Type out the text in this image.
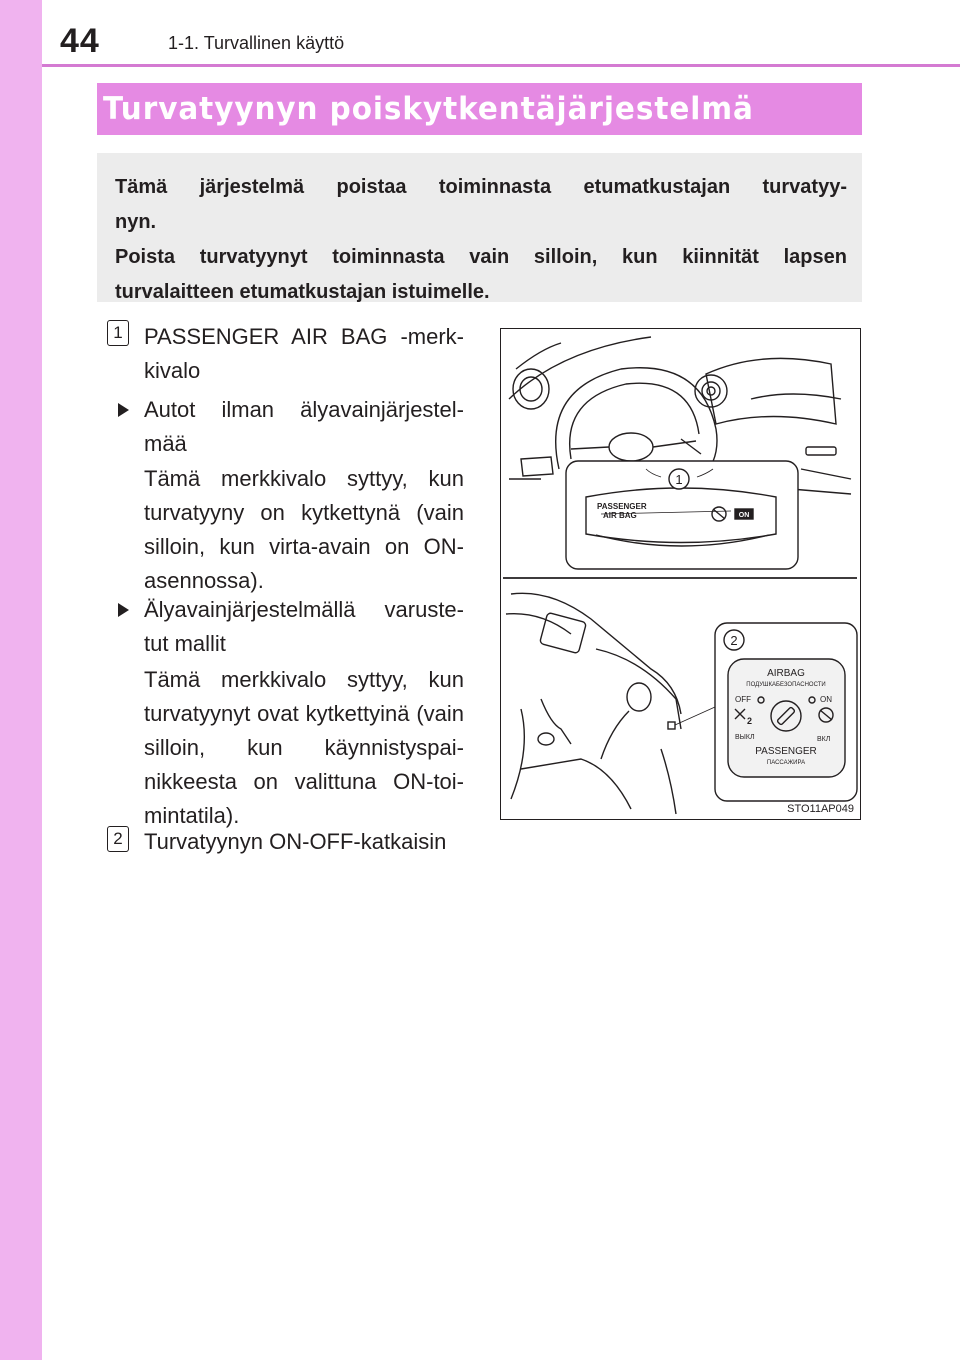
44	1-1. Turvallinen käyttö
Turvatyynyn poiskytkentäjärjestelmä

Tämä järjestelmä poistaa toiminnasta etumatkustajan turvatyy-

nyn.

Poista turvatyynyt toiminnasta vain silloin, kun kiinnität lapsen

turvalaitteen etumatkustajan istuimelle.

1 PASSENGER AIR BAG -merk-
kivalo
Autot ilman älyavainjärjestel-
mää
Tämä merkkivalo syttyy, kun turvatyyny on kytkettynä (vain silloin, kun virta-avain on ON-asennossa).
Älyavainjärjestelmällä varuste-
tut mallit
Tämä merkkivalo syttyy, kun turvatyynyt ovat kytkettyinä (vain silloin, kun käynnistyspai-nikkeesta on valittuna ON-toi-mintatila).
2 Turvatyynyn ON-OFF-katkaisin
PASSENGER
AIR BAG	ON
1
2
AIRBAG
ПОДУШКАБЕЗОПАСНОСТИ
OFF	ON
2
ВЫКЛ	ВКЛ
PASSENGER
ПАССАЖИРА
STO11AP049
